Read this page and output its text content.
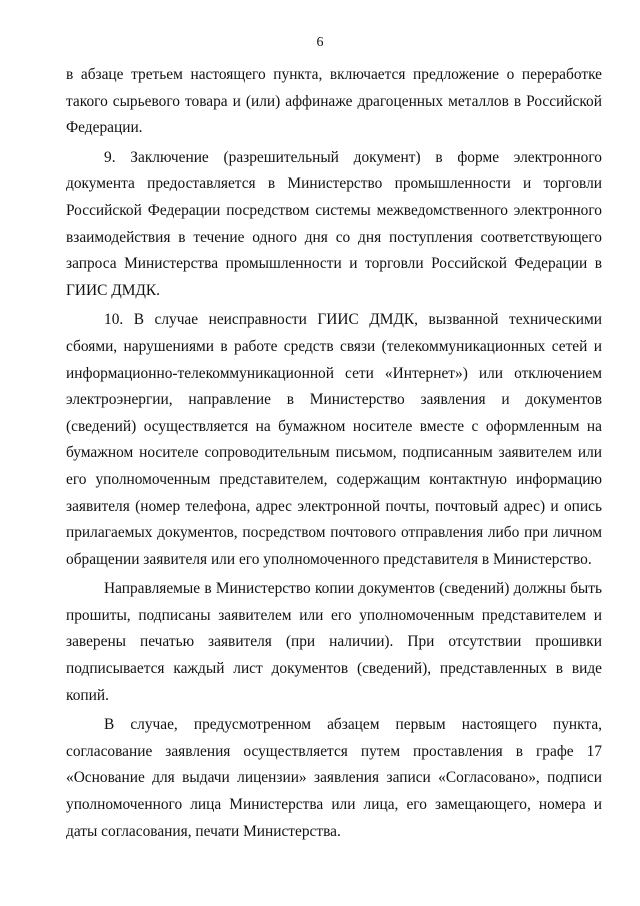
6

в абзаце третьем настоящего пункта, включается предложение о переработке такого сырьевого товара и (или) аффинаже драгоценных металлов в Российской Федерации.

9. Заключение (разрешительный документ) в форме электронного документа предоставляется в Министерство промышленности и торговли Российской Федерации посредством системы межведомственного электронного взаимодействия в течение одного дня со дня поступления соответствующего запроса Министерства промышленности и торговли Российской Федерации в ГИИС ДМДК.

10. В случае неисправности ГИИС ДМДК, вызванной техническими сбоями, нарушениями в работе средств связи (телекоммуникационных сетей и информационно-телекоммуникационной сети «Интернет») или отключением электроэнергии, направление в Министерство заявления и документов (сведений) осуществляется на бумажном носителе вместе с оформленным на бумажном носителе сопроводительным письмом, подписанным заявителем или его уполномоченным представителем, содержащим контактную информацию заявителя (номер телефона, адрес электронной почты, почтовый адрес) и опись прилагаемых документов, посредством почтового отправления либо при личном обращении заявителя или его уполномоченного представителя в Министерство.

Направляемые в Министерство копии документов (сведений) должны быть прошиты, подписаны заявителем или его уполномоченным представителем и заверены печатью заявителя (при наличии). При отсутствии прошивки подписывается каждый лист документов (сведений), представленных в виде копий.

В случае, предусмотренном абзацем первым настоящего пункта, согласование заявления осуществляется путем проставления в графе 17 «Основание для выдачи лицензии» заявления записи «Согласовано», подписи уполномоченного лица Министерства или лица, его замещающего, номера и даты согласования, печати Министерства.
